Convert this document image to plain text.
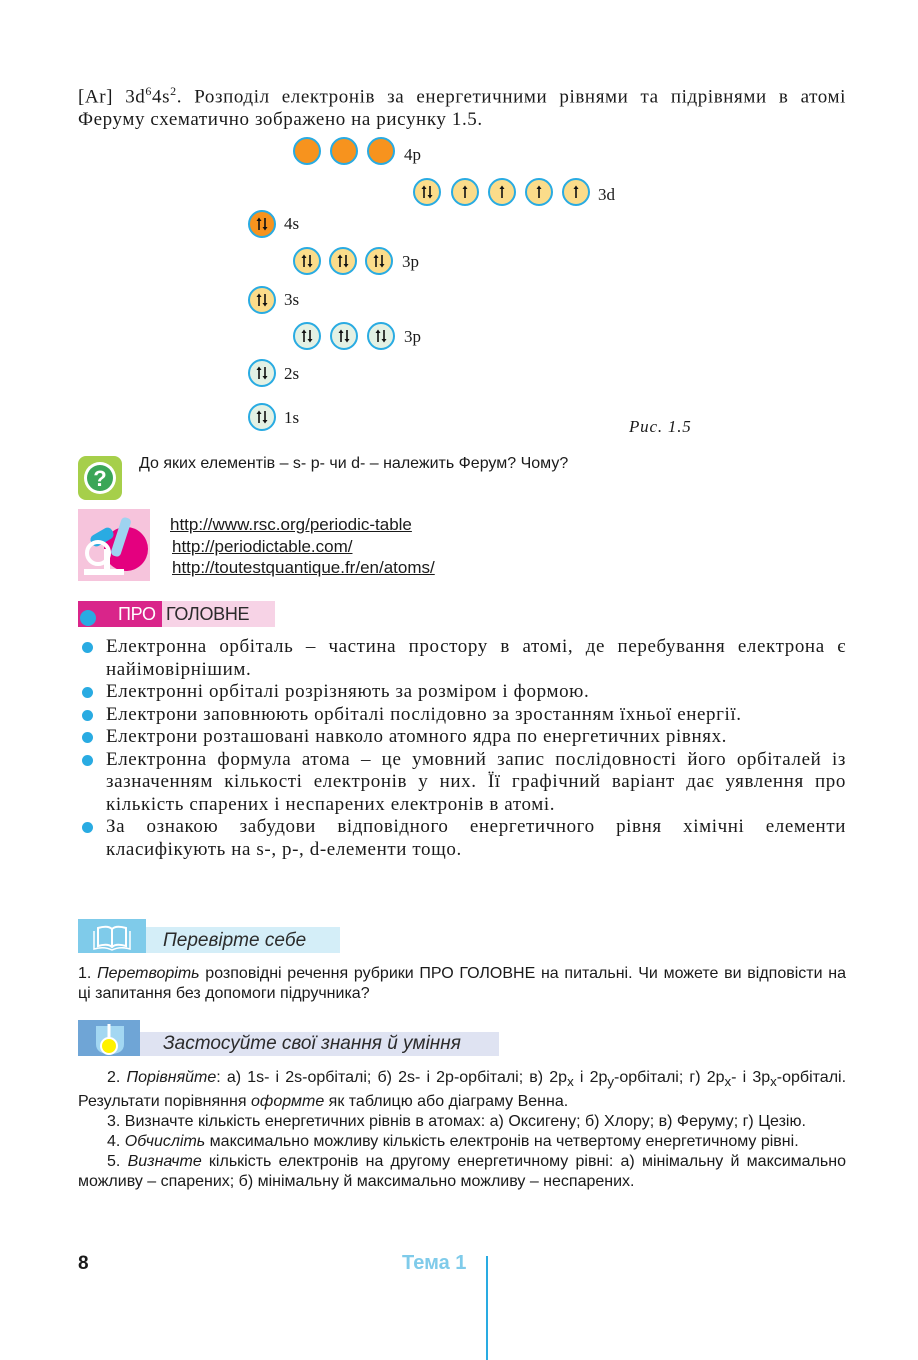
[Ar] $3d^64s^2$. Розподіл електронів за енергетичними рівнями та підрівнями в атомі Феруму схематично зображено на рисунку 1.5.
4p
3d
4s
3p
3s
3p
2s
1s	Рис. 1.5
?
До яких елементів – s- p- чи d- – належить Ферум? Чому?
http://www.rsc.org/periodic-table
http://periodictable.com/
http://toutestquantique.fr/en/atoms/
ПРО ГОЛОВНЕ
Електронна орбіталь – частина простору в атомі, де перебування електрона є найімовірнішим.
Електронні орбіталі розрізняють за розміром і формою.
Електрони заповнюють орбіталі послідовно за зростанням їхньої енергії.
Електрони розташовані навколо атомного ядра по енергетичних рівнях.
Електронна формула атома – це умовний запис послідовності його орбіталей із зазначенням кількості електронів у них. Її графічний варіант дає уявлення про кількість спарених і неспарених електронів в атомі.
За ознакою забудови відповідного енергетичного рівня хімічні елементи класифікують на s-, p-, d-елементи тощо.
Перевірте себе
1. Перетворіть розповідні речення рубрики ПРО ГОЛОВНЕ на питальні. Чи можете ви відповісти на ці запитання без допомоги підручника?
Застосуйте свої знання й уміння

2. Порівняйте: а) 1s- і 2s-орбіталі; б) 2s- і 2p-орбіталі; в) $2p_x$ і $2p_y$-орбіталі; г) $2p_x-$ і $3p_x$-орбіталі. Результати порівняння оформте як таблицю або діаграму Венна.

3. Визначте кількість енергетичних рівнів в атомах: а) Оксигену; б) Хлору; в) Феруму; г) Цезію.

4. Обчисліть максимально можливу кількість електронів на четвертому енергетичному рівні.

5. Визначте кількість електронів на другому енергетичному рівні: а) мінімальну й максимально можливу – спарених; б) мінімальну й максимально можливу – неспарених.

8	Тема 1
